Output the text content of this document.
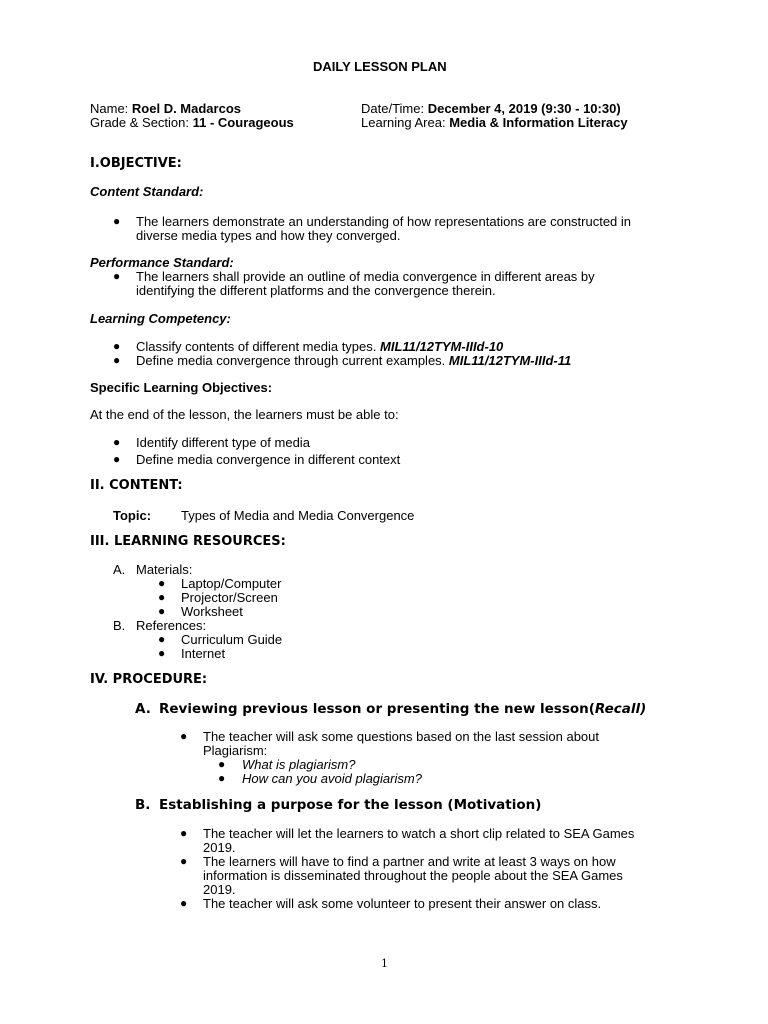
DAILY LESSON PLAN
Name: Roel D. Madarcos
Grade & Section: 11 - Courageous
Date/Time: December 4, 2019 (9:30 - 10:30)
Learning Area: Media & Information Literacy
I.OBJECTIVE:
Content Standard:
● The learners demonstrate an understanding of how representations are constructed in
diverse media types and how they converged.
Performance Standard:
● The learners shall provide an outline of media convergence in different areas by
identifying the different platforms and the convergence therein.
Learning Competency:
● Classify contents of different media types. MIL11/12TYM-IIId-10
● Define media convergence through current examples. MIL11/12TYM-IIId-11
Specific Learning Objectives:
At the end of the lesson, the learners must be able to:
● Identify different type of media
● Define media convergence in different context
II. CONTENT:
Topic: Types of Media and Media Convergence
III. LEARNING RESOURCES:
A. Materials:
● Laptop/Computer
● Projector/Screen
● Worksheet
B. References:
● Curriculum Guide
● Internet
IV. PROCEDURE:
A. Reviewing previous lesson or presenting the new lesson(Recall)
● The teacher will ask some questions based on the last session about
Plagiarism:
● What is plagiarism?
● How can you avoid plagiarism?
B. Establishing a purpose for the lesson (Motivation)
● The teacher will let the learners to watch a short clip related to SEA Games
2019.
● The learners will have to find a partner and write at least 3 ways on how
information is disseminated throughout the people about the SEA Games
2019.
● The teacher will ask some volunteer to present their answer on class.
1
